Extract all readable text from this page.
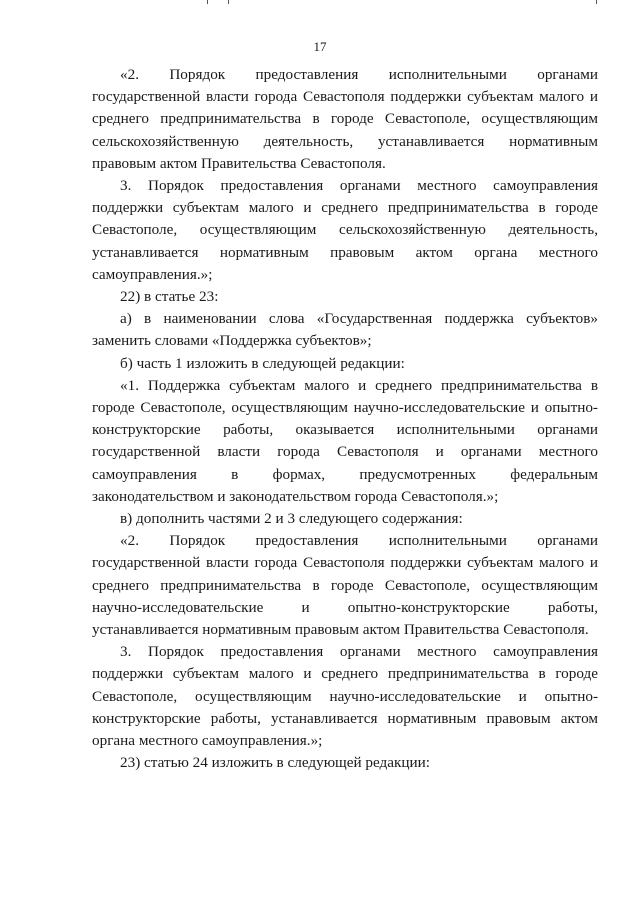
17

«2. Порядок предоставления исполнительными органами государственной власти города Севастополя поддержки субъектам малого и среднего предпринимательства в городе Севастополе, осуществляющим сельскохозяйственную деятельность, устанавливается нормативным правовым актом Правительства Севастополя.

3. Порядок предоставления органами местного самоуправления поддержки субъектам малого и среднего предпринимательства в городе Севастополе, осуществляющим сельскохозяйственную деятельность, устанавливается нормативным правовым актом органа местного самоуправления.»;

22) в статье 23:

а) в наименовании слова «Государственная поддержка субъектов» заменить словами «Поддержка субъектов»;

б) часть 1 изложить в следующей редакции:

«1. Поддержка субъектам малого и среднего предпринимательства в городе Севастополе, осуществляющим научно-исследовательские и опытно-конструкторские работы, оказывается исполнительными органами государственной власти города Севастополя и органами местного самоуправления в формах, предусмотренных федеральным законодательством и законодательством города Севастополя.»;

в) дополнить частями 2 и 3 следующего содержания:

«2. Порядок предоставления исполнительными органами государственной власти города Севастополя поддержки субъектам малого и среднего предпринимательства в городе Севастополе, осуществляющим научно-исследовательские и опытно-конструкторские работы, устанавливается нормативным правовым актом Правительства Севастополя.

3. Порядок предоставления органами местного самоуправления поддержки субъектам малого и среднего предпринимательства в городе Севастополе, осуществляющим научно-исследовательские и опытно-конструкторские работы, устанавливается нормативным правовым актом органа местного самоуправления.»;

23) статью 24 изложить в следующей редакции:
